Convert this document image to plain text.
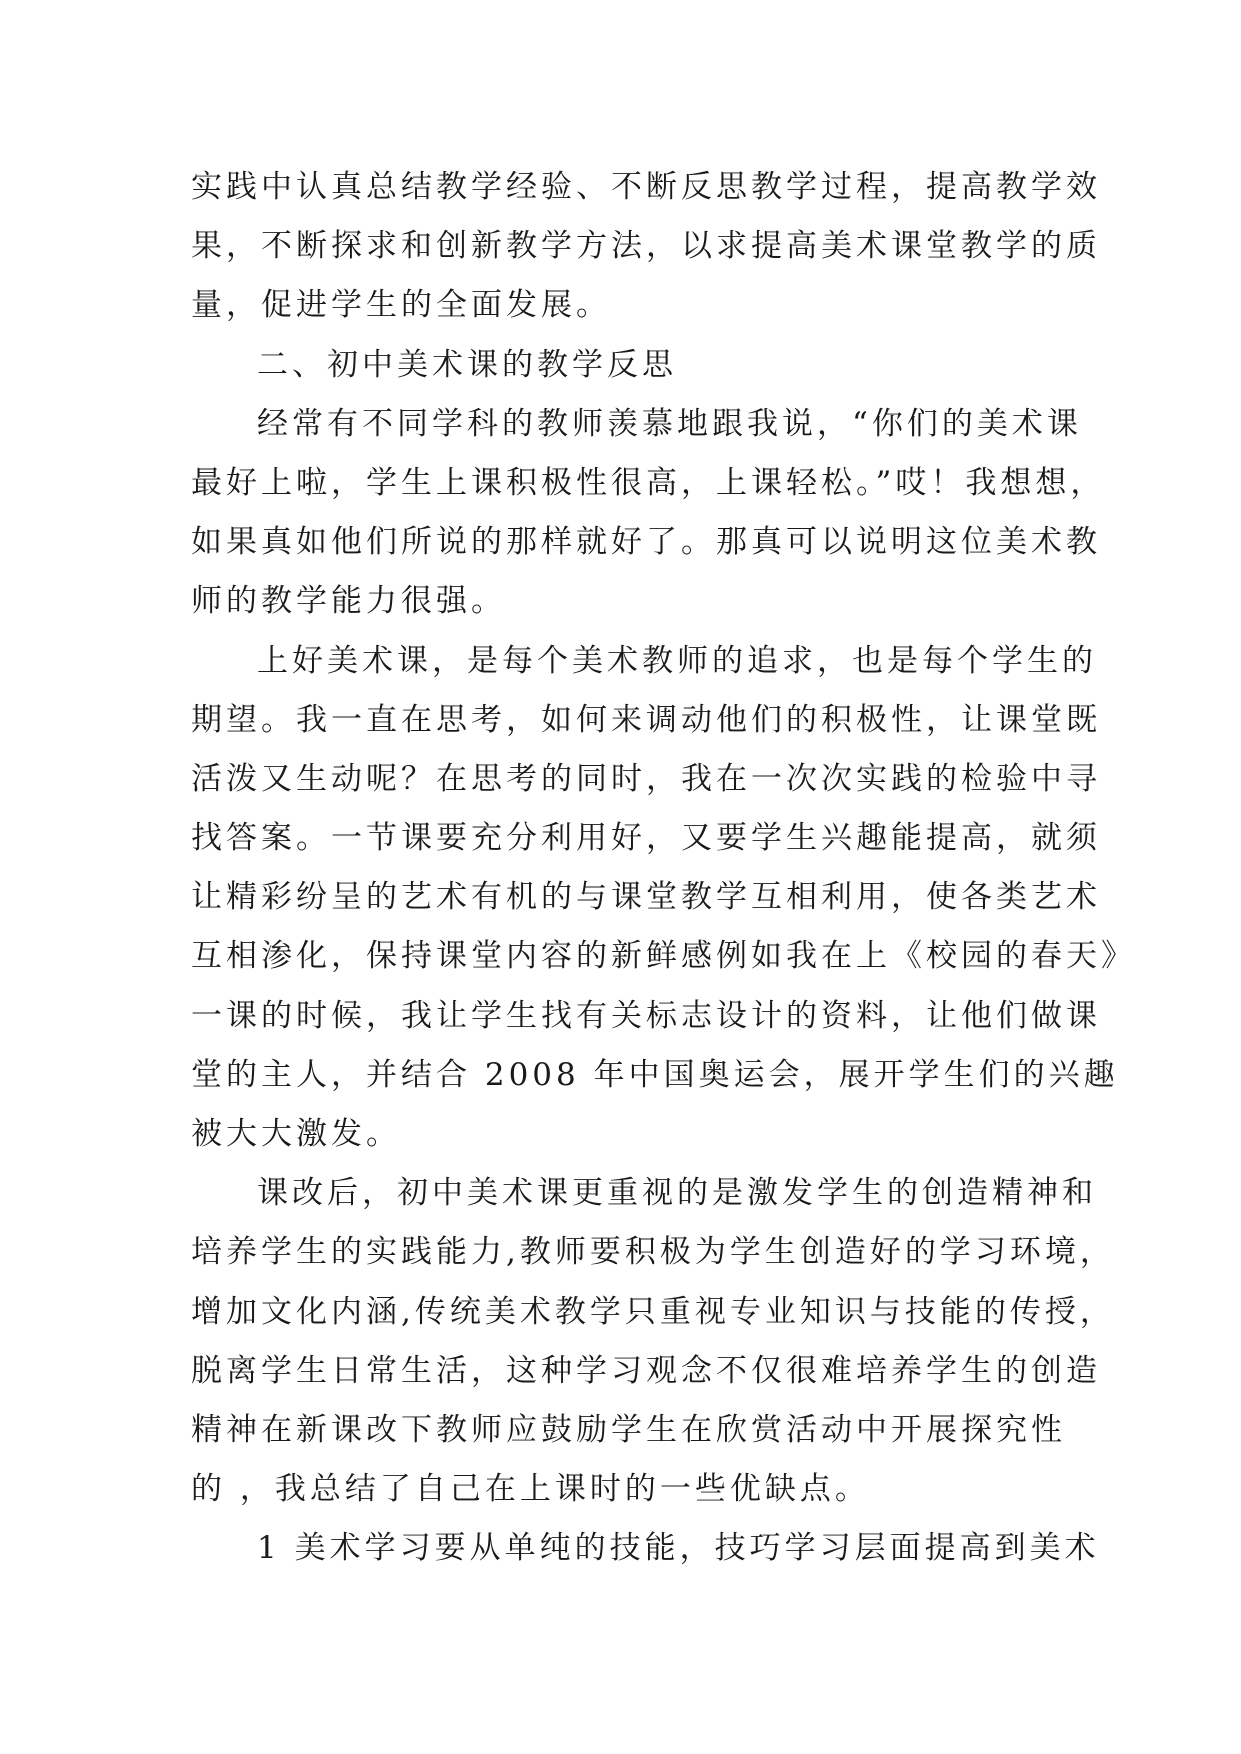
实践中认真总结教学经验、不断反思教学过程，提高教学效
果，不断探求和创新教学方法，以求提高美术课堂教学的质
量，促进学生的全面发展。
二、初中美术课的教学反思
经常有不同学科的教师羡慕地跟我说，“你们的美术课
最好上啦，学生上课积极性很高，上课轻松。”哎！我想想，
如果真如他们所说的那样就好了。那真可以说明这位美术教
师的教学能力很强。
上好美术课，是每个美术教师的追求，也是每个学生的
期望。我一直在思考，如何来调动他们的积极性，让课堂既
活泼又生动呢？在思考的同时，我在一次次实践的检验中寻
找答案。一节课要充分利用好，又要学生兴趣能提高，就须
让精彩纷呈的艺术有机的与课堂教学互相利用，使各类艺术
互相渗化，保持课堂内容的新鲜感例如我在上《校园的春天》
一课的时候，我让学生找有关标志设计的资料，让他们做课
堂的主人，并结合 2008 年中国奥运会，展开学生们的兴趣
被大大激发。
课改后，初中美术课更重视的是激发学生的创造精神和
培养学生的实践能力,教师要积极为学生创造好的学习环境，
增加文化内涵,传统美术教学只重视专业知识与技能的传授，
脱离学生日常生活，这种学习观念不仅很难培养学生的创造
精神在新课改下教师应鼓励学生在欣赏活动中开展探究性
的 ，我总结了自己在上课时的一些优缺点。
1 美术学习要从单纯的技能，技巧学习层面提高到美术
